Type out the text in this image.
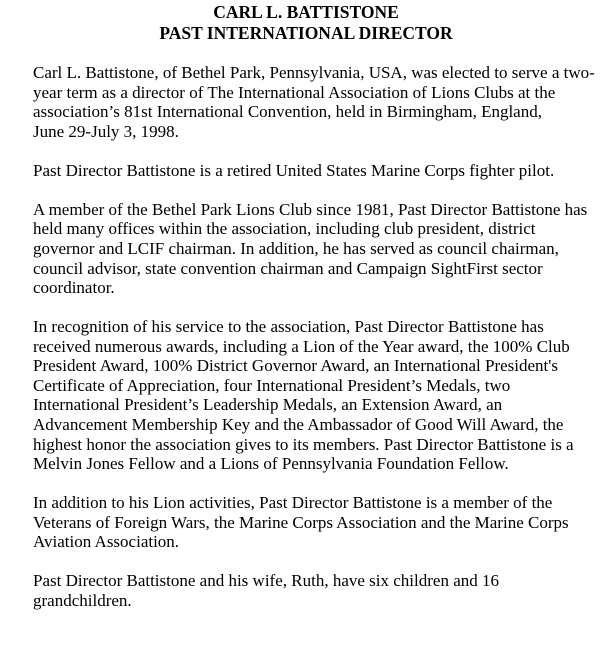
CARL L. BATTISTONE
PAST INTERNATIONAL DIRECTOR

Carl L. Battistone, of Bethel Park, Pennsylvania, USA, was elected to serve a two-
year term as a director of The International Association of Lions Clubs at the
association’s 81st International Convention, held in Birmingham, England,
June 29-July 3, 1998.

Past Director Battistone is a retired United States Marine Corps fighter pilot.

A member of the Bethel Park Lions Club since 1981, Past Director Battistone has
held many offices within the association, including club president, district
governor and LCIF chairman. In addition, he has served as council chairman,
council advisor, state convention chairman and Campaign SightFirst sector
coordinator.

In recognition of his service to the association, Past Director Battistone has
received numerous awards, including a Lion of the Year award, the 100% Club
President Award, 100% District Governor Award, an International President's
Certificate of Appreciation, four International President’s Medals, two
International President’s Leadership Medals, an Extension Award, an
Advancement Membership Key and the Ambassador of Good Will Award, the
highest honor the association gives to its members. Past Director Battistone is a
Melvin Jones Fellow and a Lions of Pennsylvania Foundation Fellow.

In addition to his Lion activities, Past Director Battistone is a member of the
Veterans of Foreign Wars, the Marine Corps Association and the Marine Corps
Aviation Association.

Past Director Battistone and his wife, Ruth, have six children and 16
grandchildren.
